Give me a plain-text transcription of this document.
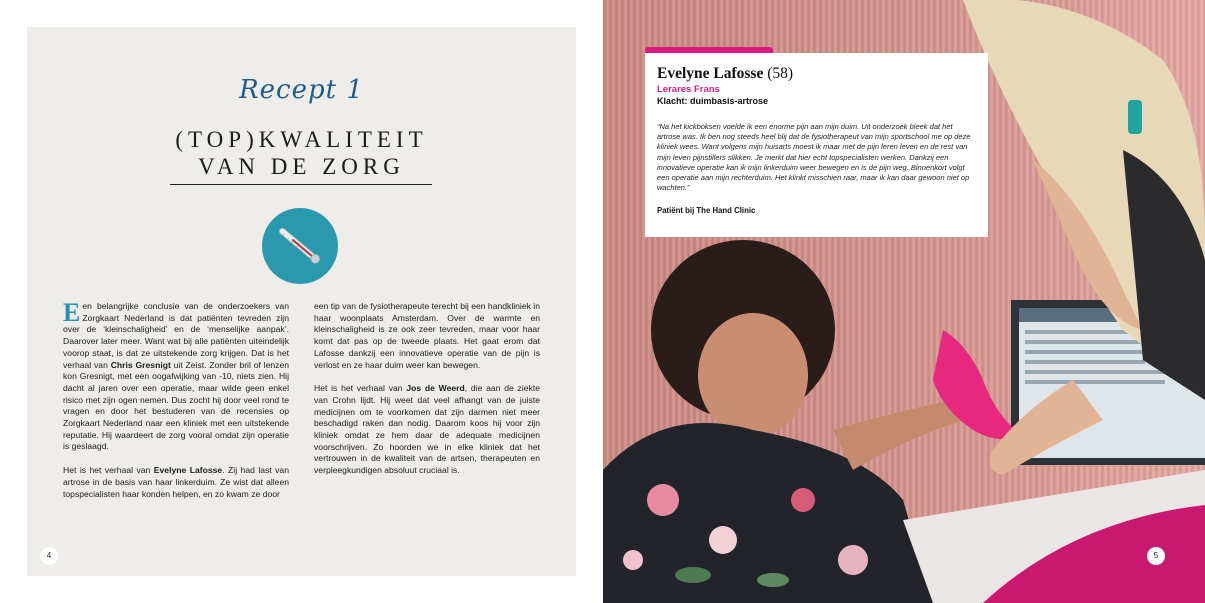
Recept 1
(TOP)KWALITEIT
VAN DE ZORG

Een belangrijke conclusie van de onderzoekers van Zorgkaart Nederland is dat patiënten tevreden zijn over de ‘kleinschaligheid’ en de ‘menselijke aanpak’. Daarover later meer. Want wat bij alle patiënten uiteindelijk voorop staat, is dat ze uitstekende zorg krijgen. Dat is het verhaal van Chris Gresnigt uit Zeist. Zonder bril of lenzen kon Gresnigt, met een oogafwijking van -10, niets zien. Hij dacht al jaren over een operatie, maar wilde geen enkel risico met zijn ogen nemen. Dus zocht hij door veel rond te vragen en door het bestuderen van de recensies op Zorgkaart Nederland naar een kliniek met een uitstekende reputatie. Hij waardeert de zorg vooral omdat zijn operatie is geslaagd.

Het is het verhaal van Evelyne Lafosse. Zij had last van artrose in de basis van haar linkerduim. Ze wist dat alleen topspecialisten haar konden helpen, en zo kwam ze door

een tip van de fysiotherapeute terecht bij een handkliniek in haar woonplaats Amsterdam. Over de warmte en kleinschaligheid is ze ook zeer tevreden, maar voor haar komt dat pas op de tweede plaats. Het gaat erom dat Lafosse dankzij een innovatieve operatie van de pijn is verlost en ze haar duim weer kan bewegen.

Het is het verhaal van Jos de Weerd, die aan de ziekte van Crohn lijdt. Hij weet dat veel afhangt van de juiste medicijnen om te voorkomen dat zijn darmen niet meer beschadigd raken dan nodig. Daarom koos hij voor zijn kliniek omdat ze hem daar de adequate medicijnen voorschrijven. Zo hoorden we in elke kliniek dat het vertrouwen in de kwaliteit van de artsen, therapeuten en verpleegkundigen absoluut cruciaal is.

4
Evelyne Lafosse (58)
Lerares Frans
Klacht: duimbasis-artrose
“Na het kickboksen voelde ik een enorme pijn aan mijn duim. Uit onderzoek bleek dat het artrose was. Ik ben nog steeds heel blij dat de fysiotherapeut van mijn sportschool me op deze kliniek wees. Want volgens mijn huisarts moest ik maar met de pijn leren leven en de rest van mijn leven pijnstillers slikken. Je merkt dat hier echt topspecialisten werken. Dankzij een innovatieve operatie kan ik mijn linkerduim weer bewegen en is de pijn weg. Binnenkort volgt een operatie aan mijn rechterduim. Het klinkt misschien raar, maar ik kan daar gewoon niet op wachten.”
Patiënt bij The Hand Clinic
5
